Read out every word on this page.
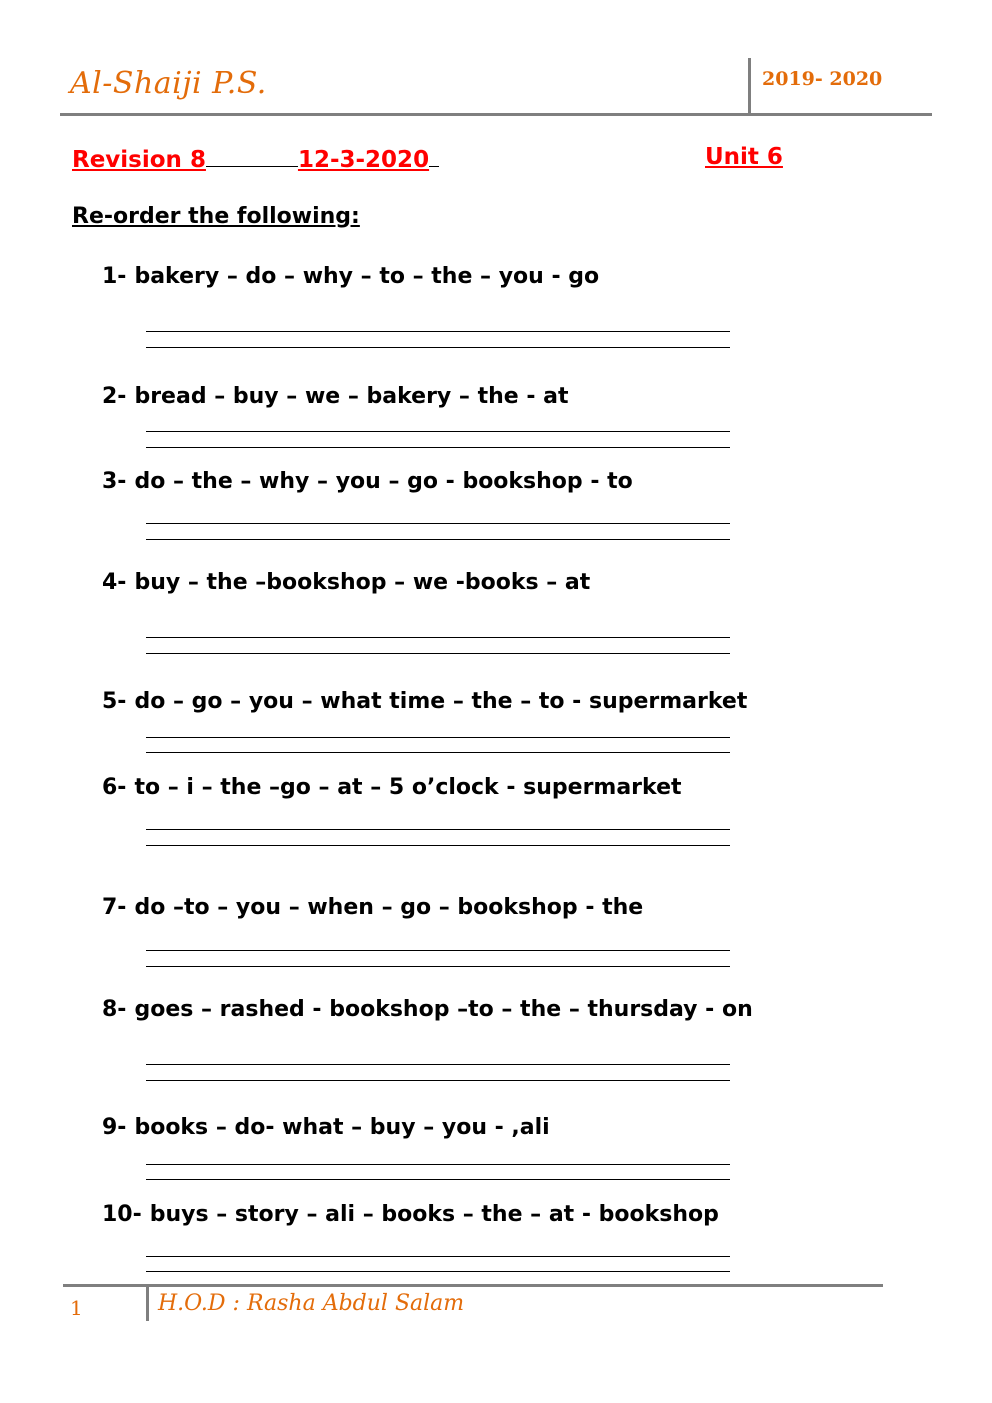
Al-Shaiji P.S.	2019- 2020
Revision 8	12-3-2020	Unit 6
Re-order the following:
1- bakery – do – why – to – the – you - go
2- bread – buy – we – bakery – the - at
3- do – the – why – you – go - bookshop - to
4- buy – the –bookshop – we -books – at
5- do – go – you – what time – the – to - supermarket
6- to – i – the –go – at – 5 o’clock - supermarket
7- do –to – you – when – go – bookshop - the
8- goes – rashed - bookshop –to – the – thursday - on
9- books – do- what – buy – you - ,ali
10- buys – story – ali – books – the – at - bookshop
1	H.O.D : Rasha Abdul Salam
